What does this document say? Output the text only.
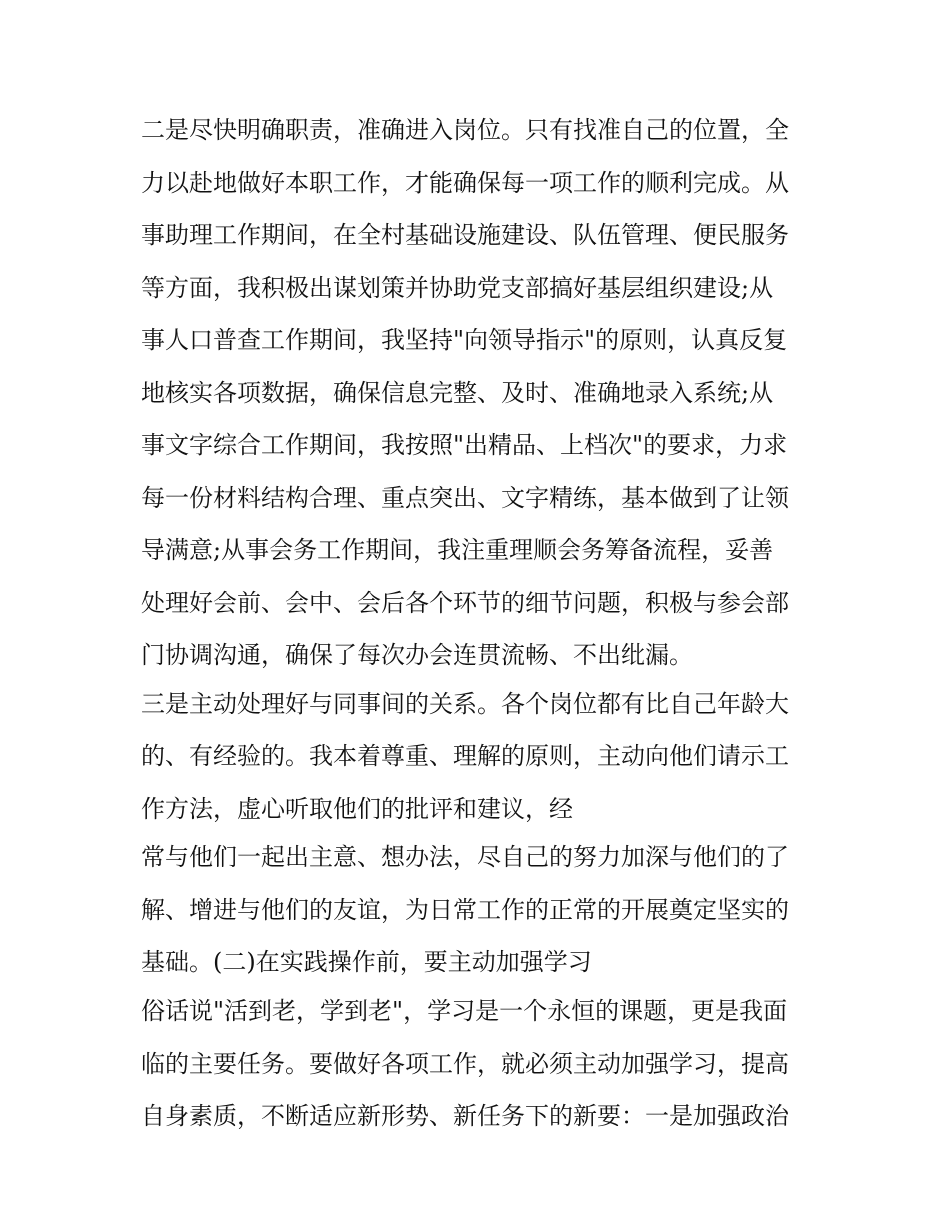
二是尽快明确职责，准确进入岗位。只有找准自己的位置，全
力以赴地做好本职工作，才能确保每一项工作的顺利完成。从
事助理工作期间，在全村基础设施建设、队伍管理、便民服务
等方面，我积极出谋划策并协助党支部搞好基层组织建设;从
事人口普查工作期间，我坚持"向领导指示"的原则，认真反复
地核实各项数据，确保信息完整、及时、准确地录入系统;从
事文字综合工作期间，我按照"出精品、上档次"的要求，力求
每一份材料结构合理、重点突出、文字精练，基本做到了让领
导满意;从事会务工作期间，我注重理顺会务筹备流程，妥善
处理好会前、会中、会后各个环节的细节问题，积极与参会部
门协调沟通，确保了每次办会连贯流畅、不出纰漏。
三是主动处理好与同事间的关系。各个岗位都有比自己年龄大
的、有经验的。我本着尊重、理解的原则，主动向他们请示工
作方法，虚心听取他们的批评和建议，经
常与他们一起出主意、想办法，尽自己的努力加深与他们的了
解、增进与他们的友谊，为日常工作的正常的开展奠定坚实的
基础。(二)在实践操作前，要主动加强学习
俗话说"活到老，学到老"，学习是一个永恒的课题，更是我面
临的主要任务。要做好各项工作，就必须主动加强学习，提高
自身素质，不断适应新形势、新任务下的新要：一是加强政治
